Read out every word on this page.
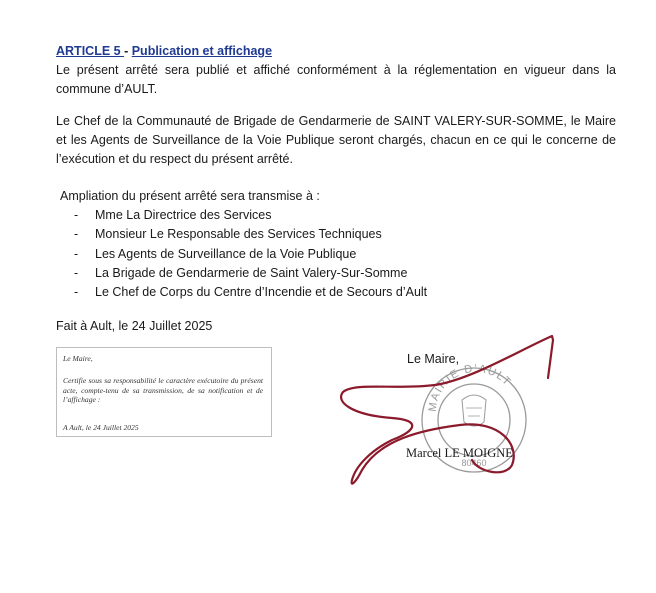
ARTICLE 5 - Publication et affichage
Le présent arrêté sera publié et affiché conformément à la réglementation en vigueur dans la commune d’AULT.
Le Chef de la Communauté de Brigade de Gendarmerie de SAINT VALERY-SUR-SOMME, le Maire et les Agents de Surveillance de la Voie Publique seront chargés, chacun en ce qui le concerne de l’exécution et du respect du présent arrêté.
Ampliation du présent arrêté sera transmise à :
- Mme La Directrice des Services
- Monsieur Le Responsable des Services Techniques
- Les Agents de Surveillance de la Voie Publique
- La Brigade de Gendarmerie de Saint Valery-Sur-Somme
- Le Chef de Corps du Centre d’Incendie et de Secours d’Ault
Fait à Ault, le 24 Juillet 2025
Le Maire,
Certifie sous sa responsabilité le caractère exécutoire du présent acte, compte-tenu de sa transmission, de sa notification et de l’affichage :
A Ault, le 24 Juillet 2025
Le Maire,
MAIRIE D’AULT
80460
Marcel LE MOIGNE
